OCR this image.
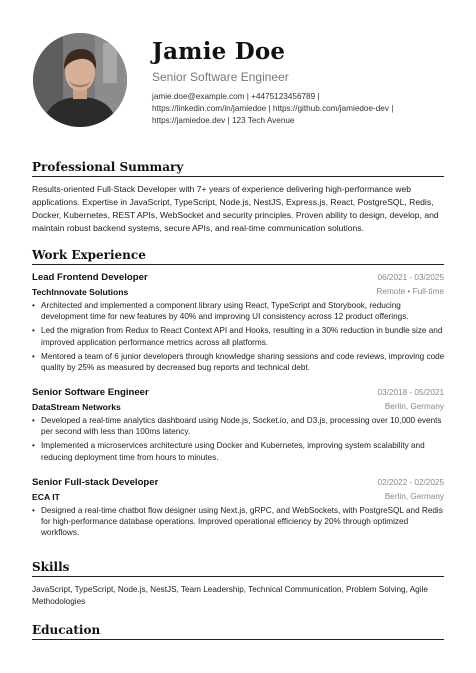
Jamie Doe
Senior Software Engineer
jamie.doe@example.com | +4475123456789 |
https://linkedin.com/in/jamiedoe | https://github.com/jamiedoe-dev |
https://jamiedoe.dev | 123 Tech Avenue
Professional Summary
Results-oriented Full-Stack Developer with 7+ years of experience delivering high-performance web applications. Expertise in JavaScript, TypeScript, Node.js, NestJS, Express.js, React, PostgreSQL, Redis, Docker, Kubernetes, REST APIs, WebSocket and security principles. Proven ability to design, develop, and maintain robust backend systems, secure APIs, and real-time communication solutions.
Work Experience
Lead Frontend Developer	06/2021 - 03/2025
TechInnovate Solutions	Remote • Full-time
• Architected and implemented a component library using React, TypeScript and Storybook, reducing development time for new features by 40% and improving UI consistency across 12 product offerings.
• Led the migration from Redux to React Context API and Hooks, resulting in a 30% reduction in bundle size and improved application performance metrics across all platforms.
• Mentored a team of 6 junior developers through knowledge sharing sessions and code reviews, improving code quality by 25% as measured by decreased bug reports and technical debt.
Senior Software Engineer	03/2018 - 05/2021
DataStream Networks	Berlin, Germany
• Developed a real-time analytics dashboard using Node.js, Socket.io, and D3.js, processing over 10,000 events per second with less than 100ms latency.
• Implemented a microservices architecture using Docker and Kubernetes, improving system scalability and reducing deployment time from hours to minutes.
Senior Full-stack Developer	02/2022 - 02/2025
ECA IT	Berlin, Germany
• Designed a real-time chatbot flow designer using Next.js, gRPC, and WebSockets, with PostgreSQL and Redis for high-performance database operations. Improved operational efficiency by 20% through optimized workflows.
Skills
JavaScript, TypeScript, Node.js, NestJS, Team Leadership, Technical Communication, Problem Solving, Agile Methodologies
Education
